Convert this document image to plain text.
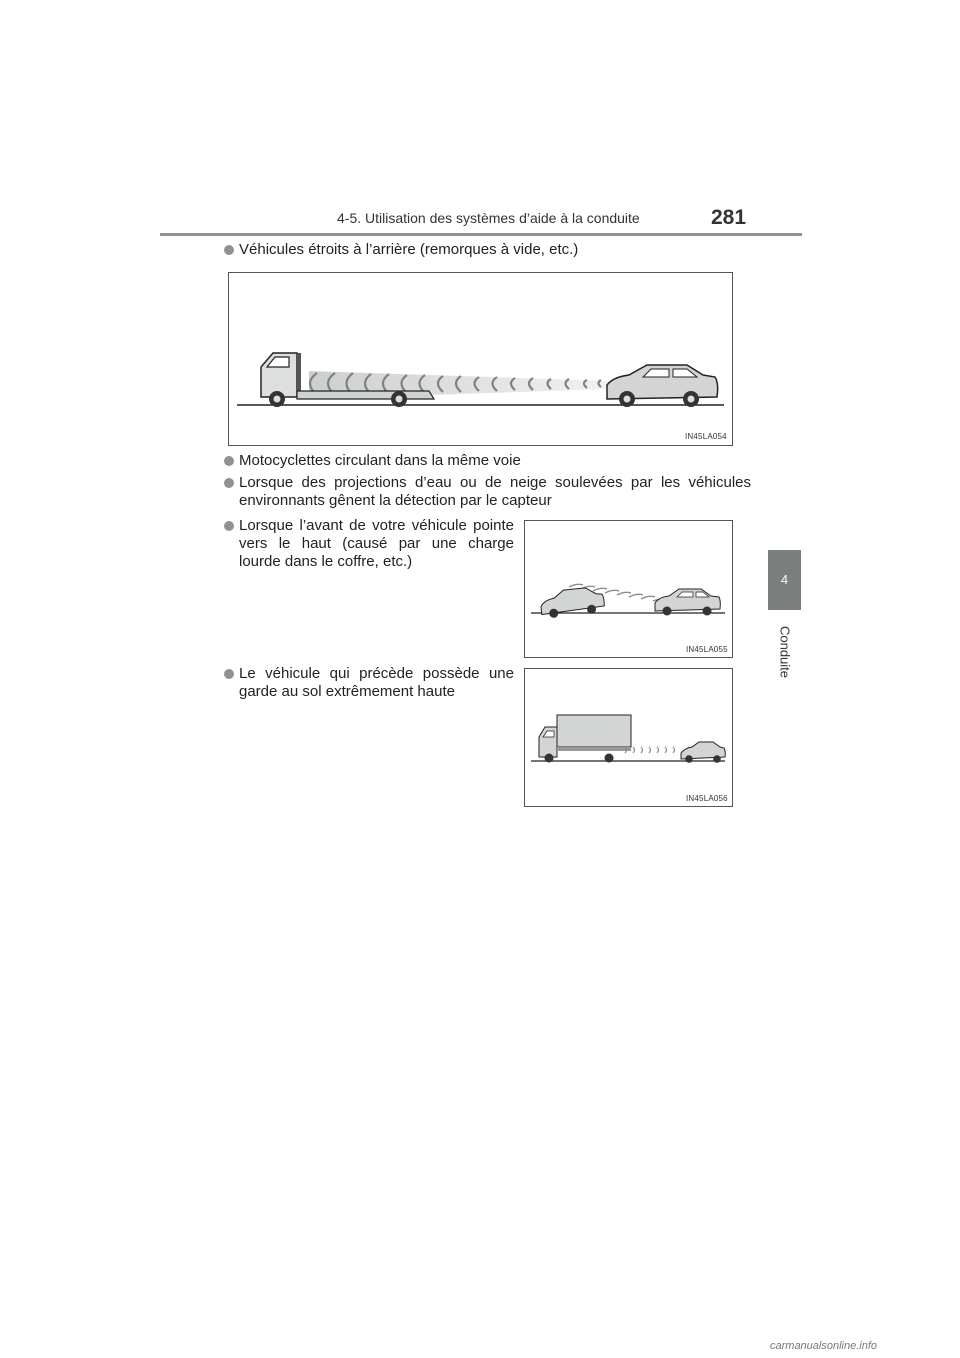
4-5. Utilisation des systèmes d’aide à la conduite	281
4
Conduite
Véhicules étroits à l’arrière (remorques à vide, etc.)
IN45LA054
Motocyclettes circulant dans la même voie
Lorsque des projections d’eau ou de neige soulevées par les véhicules environnants gênent la détection par le capteur
Lorsque l’avant de votre véhicule pointe vers le haut (causé par une charge lourde dans le coffre, etc.)
IN45LA055
Le véhicule qui précède possède une garde au sol extrêmement haute
IN45LA056
carmanualsonline.info
